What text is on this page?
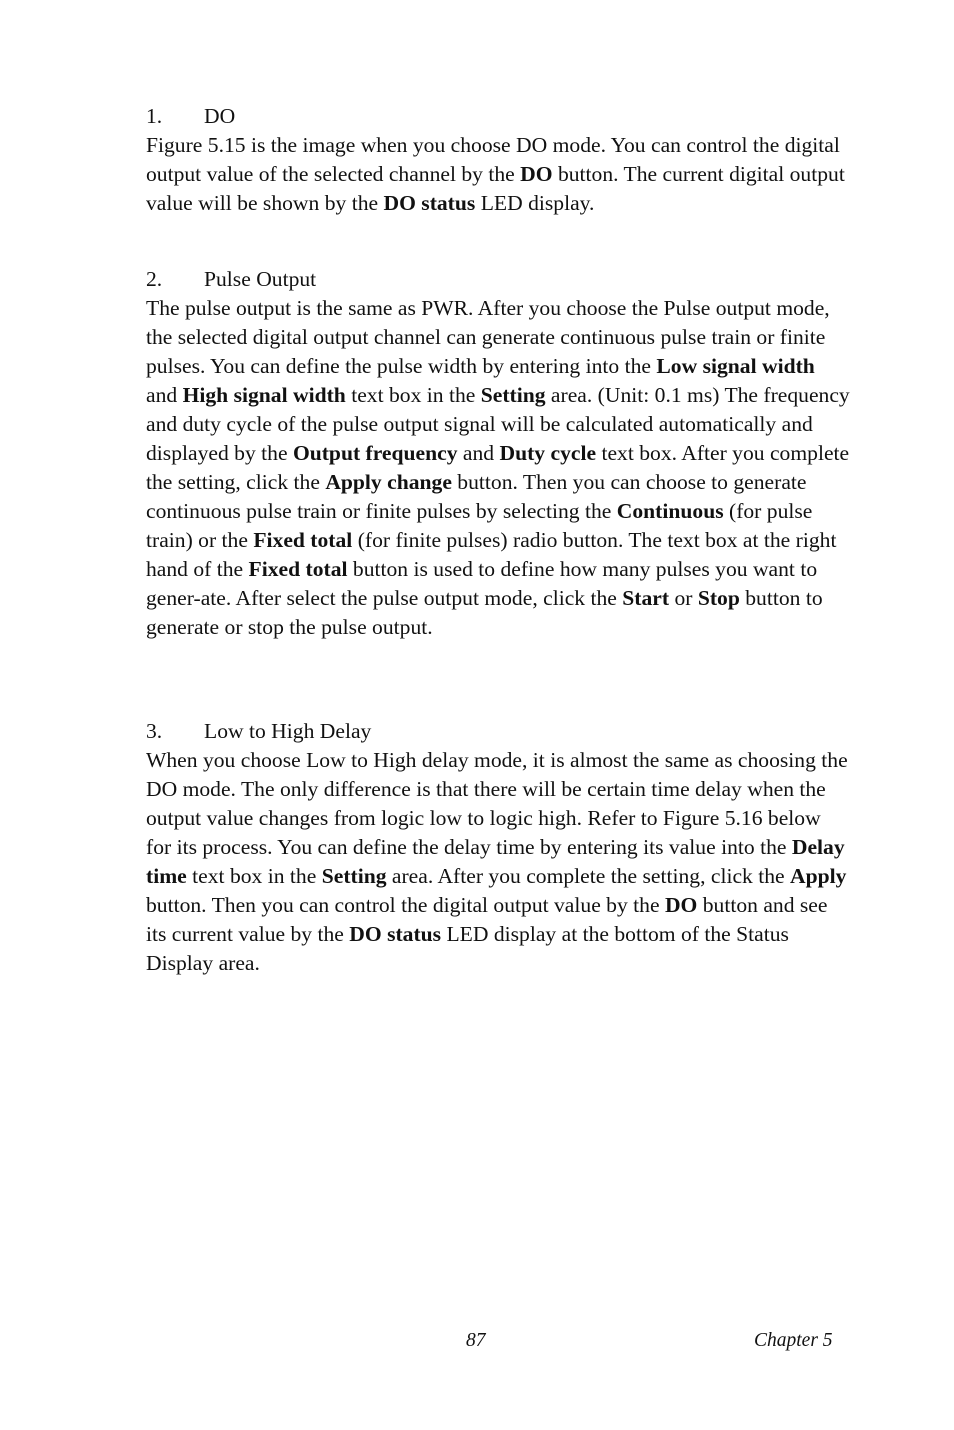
1.	DO

Figure 5.15 is the image when you choose DO mode. You can control the digital output value of the selected channel by the DO button. The current digital output value will be shown by the DO status LED display.

2.	Pulse Output

The pulse output is the same as PWR. After you choose the Pulse output mode, the selected digital output channel can generate continuous pulse train or finite pulses. You can define the pulse width by entering into the Low signal width and High signal width text box in the Setting area. (Unit: 0.1 ms) The frequency and duty cycle of the pulse output signal will be calculated automatically and displayed by the Output frequency and Duty cycle text box. After you complete the setting, click the Apply change button. Then you can choose to generate continuous pulse train or finite pulses by selecting the Continuous (for pulse train) or the Fixed total (for finite pulses) radio button. The text box at the right hand of the Fixed total button is used to define how many pulses you want to gener-ate. After select the pulse output mode, click the Start or Stop button to generate or stop the pulse output.

3.	Low to High Delay

When you choose Low to High delay mode, it is almost the same as choosing the DO mode. The only difference is that there will be certain time delay when the output value changes from logic low to logic high. Refer to Figure 5.16 below for its process. You can define the delay time by entering its value into the Delay time text box in the Setting area. After you complete the setting, click the Apply button. Then you can control the digital output value by the DO button and see its current value by the DO status LED display at the bottom of the Status Display area.

87	Chapter 5
